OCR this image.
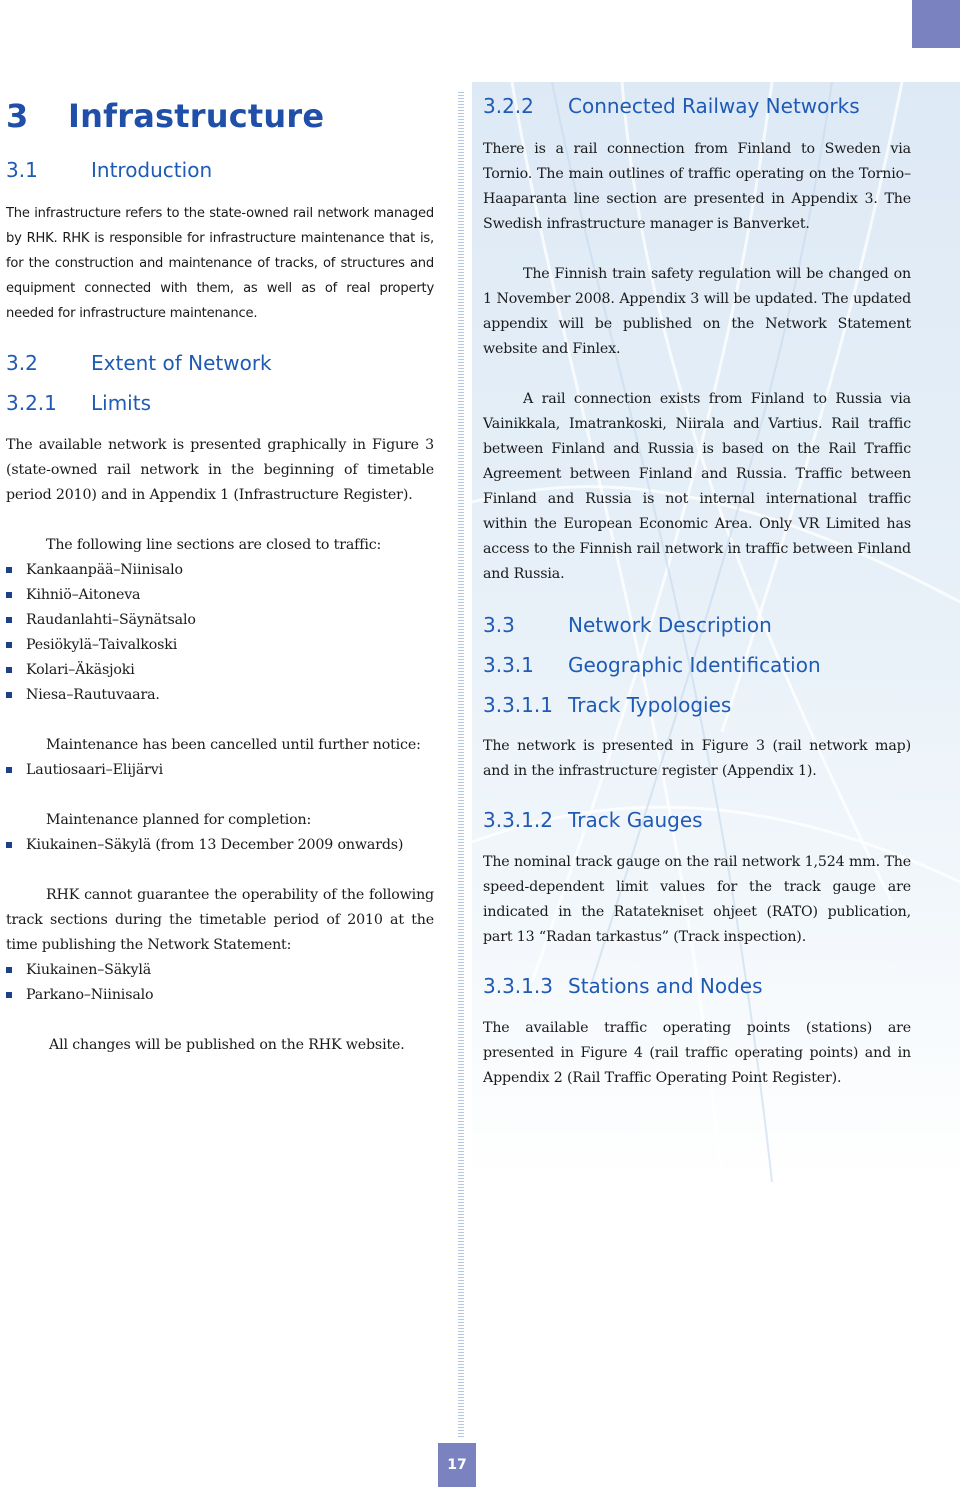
3 Infrastructure
3.1	Introduction

The infrastructure refers to the state-owned rail network managed by RHK. RHK is responsible for infrastructure maintenance that is, for the construction and maintenance of tracks, of structures and equipment connected with them, as well as of real property needed for infrastructure maintenance.

3.2	Extent of Network
3.2.1 Limits

The available network is presented graphically in Figure 3 (state-owned rail network in the beginning of timetable period 2010) and in Appendix 1 (Infrastructure Register).

The following line sections are closed to traffic:

Kankaanpää–Niinisalo
Kihniö–Aitoneva
Raudanlahti–Säynätsalo
Pesiökylä–Taivalkoski
Kolari–Äkäsjoki
Niesa–Rautuvaara.

Maintenance has been cancelled until further notice:

Lautiosaari–Elijärvi

Maintenance planned for completion:

Kiukainen–Säkylä (from 13 December 2009 onwards)

RHK cannot guarantee the operability of the following track sections during the timetable period of 2010 at the time publishing the Network Statement:

Kiukainen–Säkylä
Parkano–Niinisalo

All changes will be published on the RHK website.

3.2.2 Connected Railway Networks

There is a rail connection from Finland to Sweden via Tornio. The main outlines of traffic operating on the Tornio–Haaparanta line section are presented in Appendix 3. The Swedish infrastructure manager is Banverket.

The Finnish train safety regulation will be changed on 1 November 2008. Appendix 3 will be updated. The updated appendix will be published on the Network Statement website and Finlex.

A rail connection exists from Finland to Russia via Vainikkala, Imatrankoski, Niirala and Vartius. Rail traffic between Finland and Russia is based on the Rail Traffic Agreement between Finland and Russia. Traffic between Finland and Russia is not internal international traffic within the European Economic Area. Only VR Limited has access to the Finnish rail network in traffic between Finland and Russia.

3.3	Network Description
3.3.1 Geographic Identification
3.3.1.1 Track Typologies

The network is presented in Figure 3 (rail network map) and in the infrastructure register (Appendix 1).

3.3.1.2 Track Gauges

The nominal track gauge on the rail network 1,524 mm. The speed-dependent limit values for the track gauge are indicated in the Ratatekniset ohjeet (RATO) publication, part 13 “Radan tarkastus” (Track inspection).

3.3.1.3 Stations and Nodes

The available traffic operating points (stations) are presented in Figure 4 (rail traffic operating points) and in Appendix 2 (Rail Traffic Operating Point Register).

17
